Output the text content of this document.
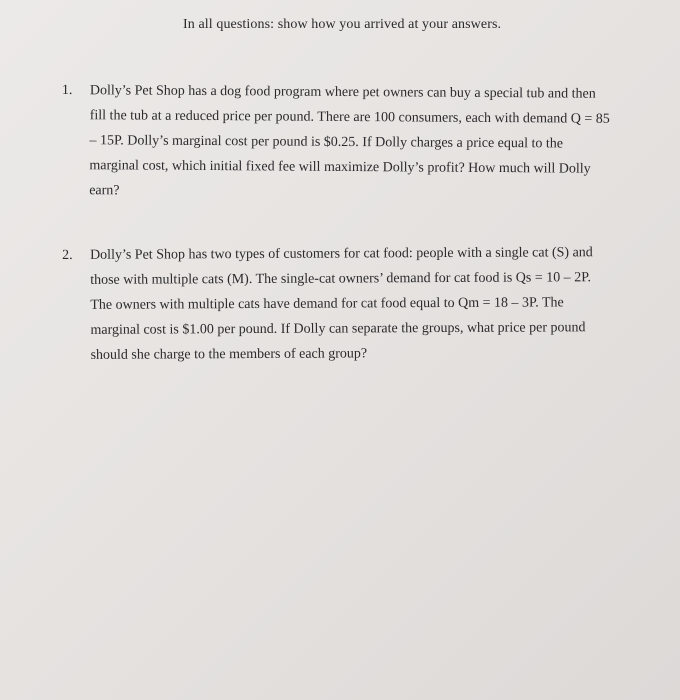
In all questions: show how you arrived at your answers.
1. Dolly’s Pet Shop has a dog food program where pet owners can buy a special tub and then
fill the tub at a reduced price per pound. There are 100 consumers, each with demand Q = 85
– 15P. Dolly’s marginal cost per pound is $0.25. If Dolly charges a price equal to the
marginal cost, which initial fixed fee will maximize Dolly’s profit? How much will Dolly
earn?
2. Dolly’s Pet Shop has two types of customers for cat food: people with a single cat (S) and
those with multiple cats (M). The single-cat owners’ demand for cat food is Qs = 10 – 2P.
The owners with multiple cats have demand for cat food equal to Qm = 18 – 3P. The
marginal cost is $1.00 per pound. If Dolly can separate the groups, what price per pound
should she charge to the members of each group?
